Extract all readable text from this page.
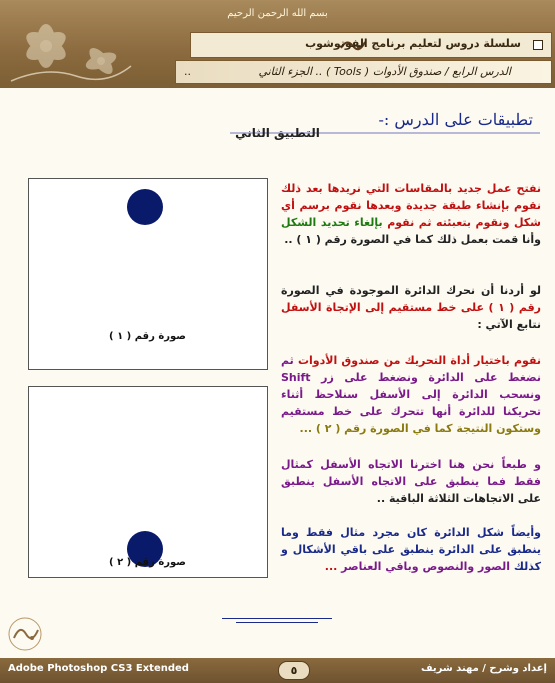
بسم الله الرحمن الرحيم
سلسلة دروس لتعليم برنامج الفوتوشوب
..	الدرس الرابع / صندوق الأدوات ( Tools ) .. الجزء الثاني
تطبيقات على الدرس :-
التطبيق الثاني
صورة رقم ( ١ )
صورة رقم ( ٢ )
نفتح عمل جديد بالمقاسات التي نريدها بعد ذلك نقوم بإنشاء طبقة جديدة وبعدها نقوم برسم أي شكل ونقوم بتعبئته ثم نقوم بإلغاء تحديد الشكل وأنا قمت بعمل ذلك كما في الصورة رقم ( ١ ) ..
لو أردنا أن نحرك الدائرة الموجودة في الصورة رقم ( ١ ) على خط مستقيم إلى الإتجاة الأسفل نتابع الآتي :
نقوم باختيار أداة التحريك من صندوق الأدوات ثم نضغط على الدائرة ونضغط على زر Shift ونسحب الدائرة إلى الأسفل سنلاحظ أثناء تحريكنا للدائرة أنها تتحرك على خط مستقيم وستكون النتيجة كما في الصورة رقم ( ٢ ) ...
و طبعاً نحن هنا اخترنا الاتجاه الأسفل كمثال فقط فما ينطبق على الاتجاه الأسفل ينطبق على الاتجاهات الثلاثة الباقية ..
وأيضاً شكل الدائرة كان مجرد مثال فقط وما ينطبق على الدائرة ينطبق على باقي الأشكال و كذلك الصور والنصوص وباقي العناصر ...
Adobe Photoshop CS3 Extended	٥	إعداد وشرح / مهند شريف
